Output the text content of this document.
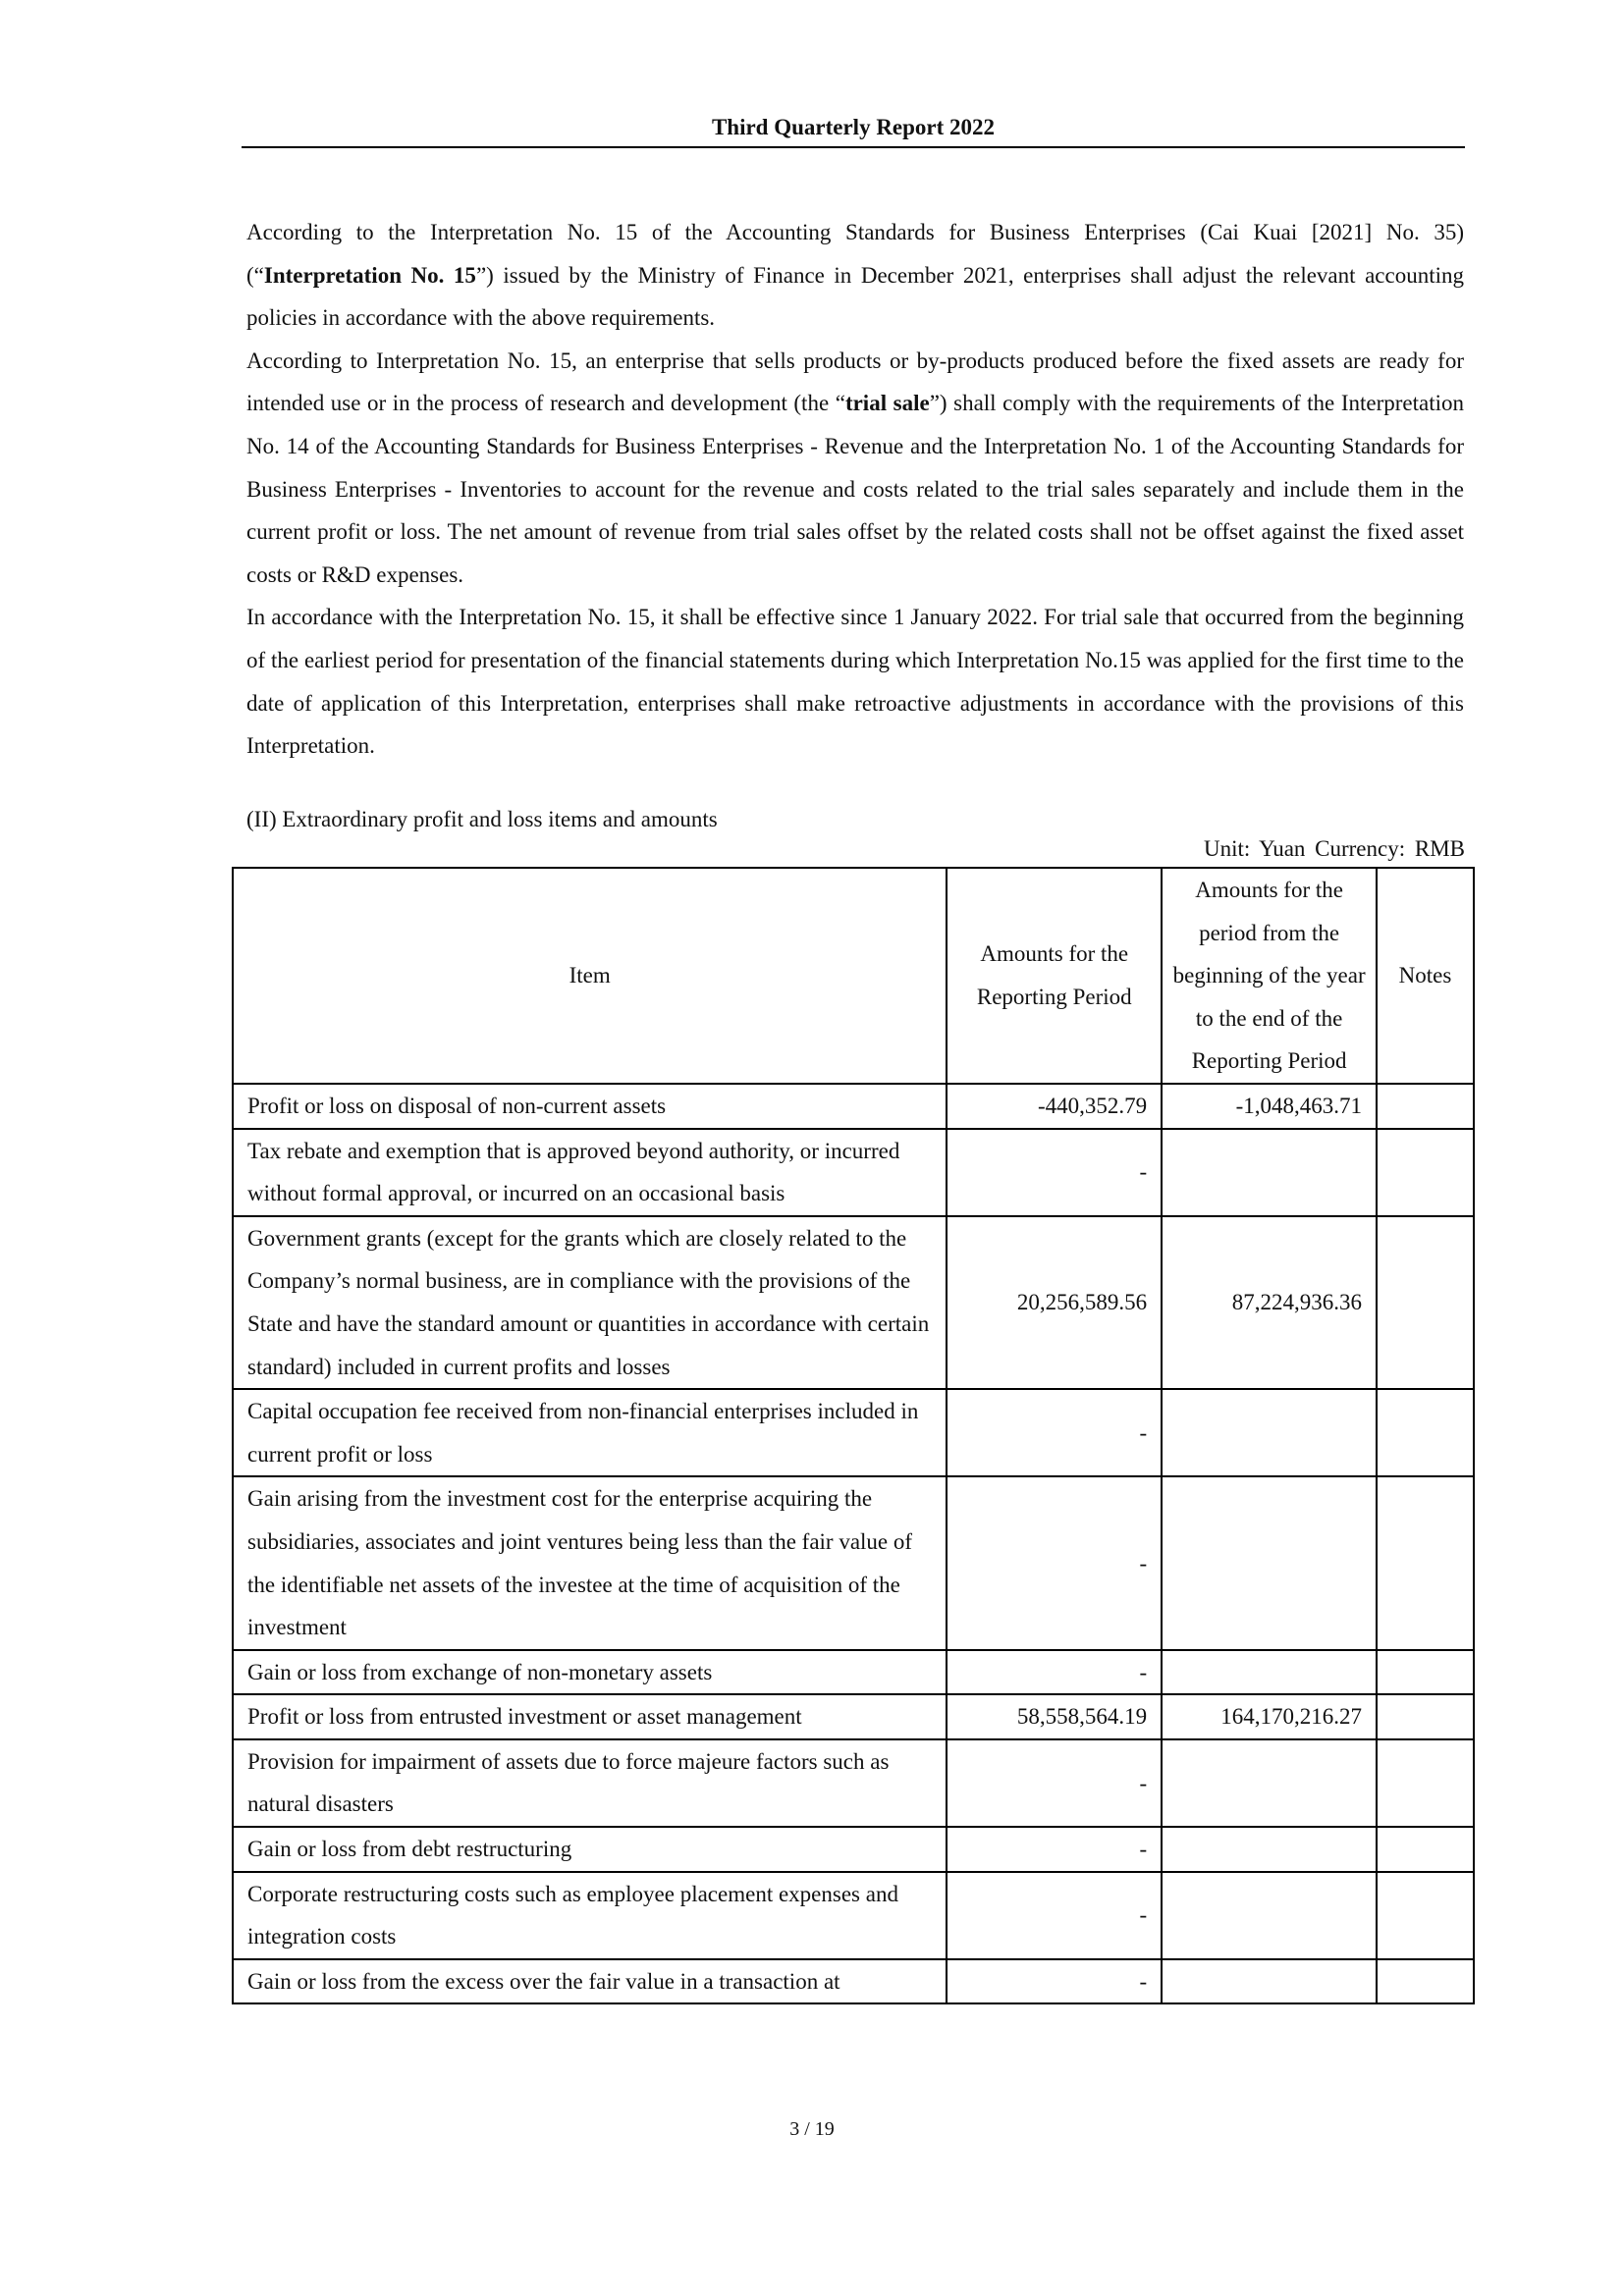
Third Quarterly Report 2022

According to the Interpretation No. 15 of the Accounting Standards for Business Enterprises (Cai Kuai [2021] No. 35) (“Interpretation No. 15”) issued by the Ministry of Finance in December 2021, enterprises shall adjust the relevant accounting policies in accordance with the above requirements.

According to Interpretation No. 15, an enterprise that sells products or by-products produced before the fixed assets are ready for intended use or in the process of research and development (the “trial sale”) shall comply with the requirements of the Interpretation No. 14 of the Accounting Standards for Business Enterprises - Revenue and the Interpretation No. 1 of the Accounting Standards for Business Enterprises - Inventories to account for the revenue and costs related to the trial sales separately and include them in the current profit or loss. The net amount of revenue from trial sales offset by the related costs shall not be offset against the fixed asset costs or R&D expenses.

In accordance with the Interpretation No. 15, it shall be effective since 1 January 2022. For trial sale that occurred from the beginning of the earliest period for presentation of the financial statements during which Interpretation No.15 was applied for the first time to the date of application of this Interpretation, enterprises shall make retroactive adjustments in accordance with the provisions of this Interpretation.

(II) Extraordinary profit and loss items and amounts
Unit: Yuan Currency: RMB
Item	Amounts for the Reporting Period	Amounts for the period from the beginning of the year to the end of the Reporting Period	Notes
Profit or loss on disposal of non-current assets	-440,352.79	-1,048,463.71	
Tax rebate and exemption that is approved beyond authority, or incurred without formal approval, or incurred on an occasional basis	-		
Government grants (except for the grants which are closely related to the Company’s normal business, are in compliance with the provisions of the State and have the standard amount or quantities in accordance with certain standard) included in current profits and losses	20,256,589.56	87,224,936.36	
Capital occupation fee received from non-financial enterprises included in current profit or loss	-		
Gain arising from the investment cost for the enterprise acquiring the subsidiaries, associates and joint ventures being less than the fair value of the identifiable net assets of the investee at the time of acquisition of the investment	-		
Gain or loss from exchange of non-monetary assets	-		
Profit or loss from entrusted investment or asset management	58,558,564.19	164,170,216.27	
Provision for impairment of assets due to force majeure factors such as natural disasters	-		
Gain or loss from debt restructuring	-		
Corporate restructuring costs such as employee placement expenses and integration costs	-		
Gain or loss from the excess over the fair value in a transaction at	-		
3 / 19
